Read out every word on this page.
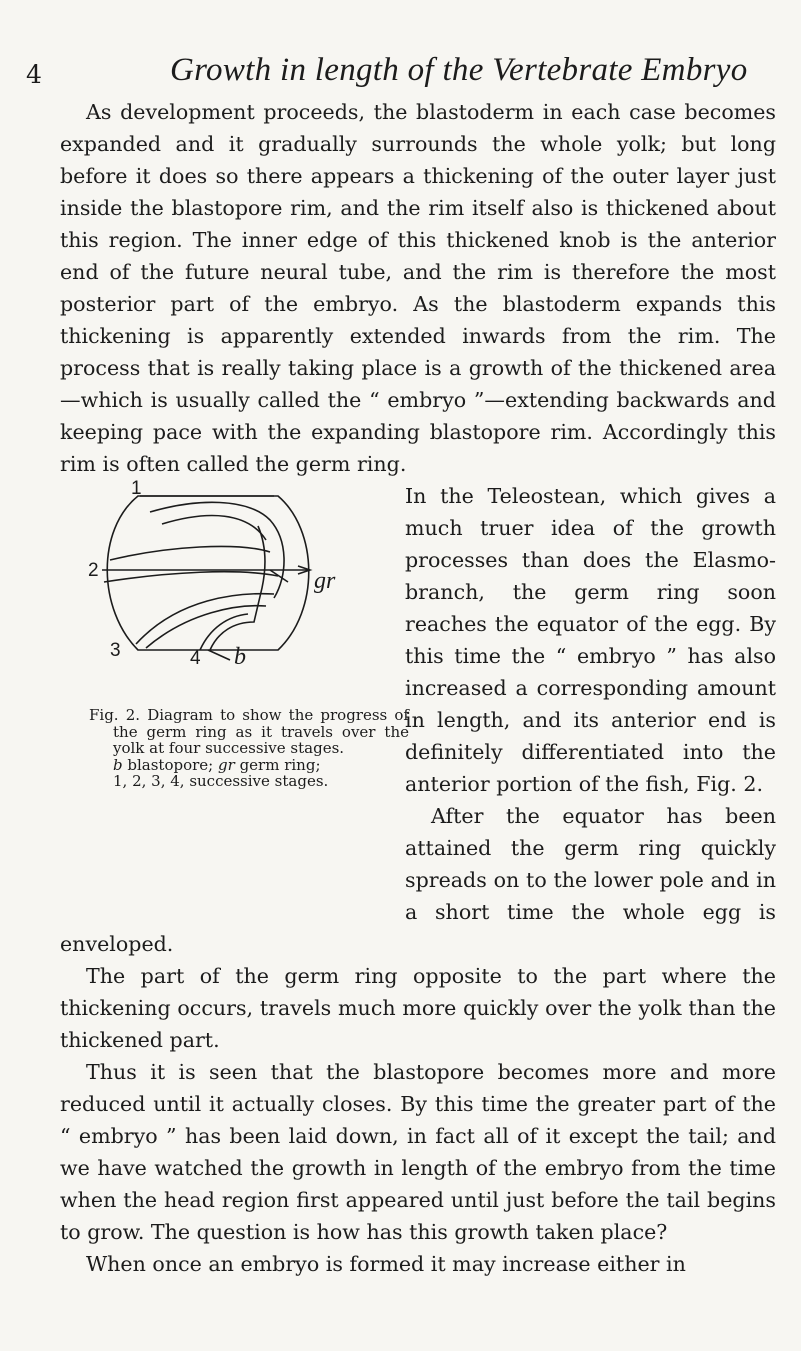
4	Growth in length of the Vertebrate Embryo

As development proceeds, the blastoderm in each case becomes expanded and it gradually surrounds the whole yolk; but long before it does so there appears a thickening of the outer layer just inside the blastopore rim, and the rim itself also is thickened about this region. The inner edge of this thickened knob is the anterior end of the future neural tube, and the rim is therefore the most posterior part of the embryo. As the blastoderm expands this thickening is apparently extended inwards from the rim. The process that is really taking place is a growth of the thickened area—which is usually called the “ embryo ”—extending backwards and keeping pace with the expanding blastopore rim. Accordingly this rim is often called the germ ring.

1
2
3	4 b
gr
Fig. 2. Diagram to show the progress of the germ ring as it travels over the yolk at four successive stages.
b blastopore; gr germ ring;
1, 2, 3, 4, successive stages.

In the Teleostean, which gives a much truer idea of the growth processes than does the Elasmo-branch, the germ ring soon reaches the equator of the egg. By this time the “ embryo ” has also increased a corresponding amount in length, and its anterior end is definitely differentiated into the anterior portion of the fish, Fig. 2.

After the equator has been attained the germ ring quickly spreads on to the lower pole and in a short time the whole egg is enveloped.

The part of the germ ring opposite to the part where the thickening occurs, travels much more quickly over the yolk than the thickened part.

Thus it is seen that the blastopore becomes more and more reduced until it actually closes. By this time the greater part of the “ embryo ” has been laid down, in fact all of it except the tail; and we have watched the growth in length of the embryo from the time when the head region first appeared until just before the tail begins to grow. The question is how has this growth taken place?

When once an embryo is formed it may increase either in
